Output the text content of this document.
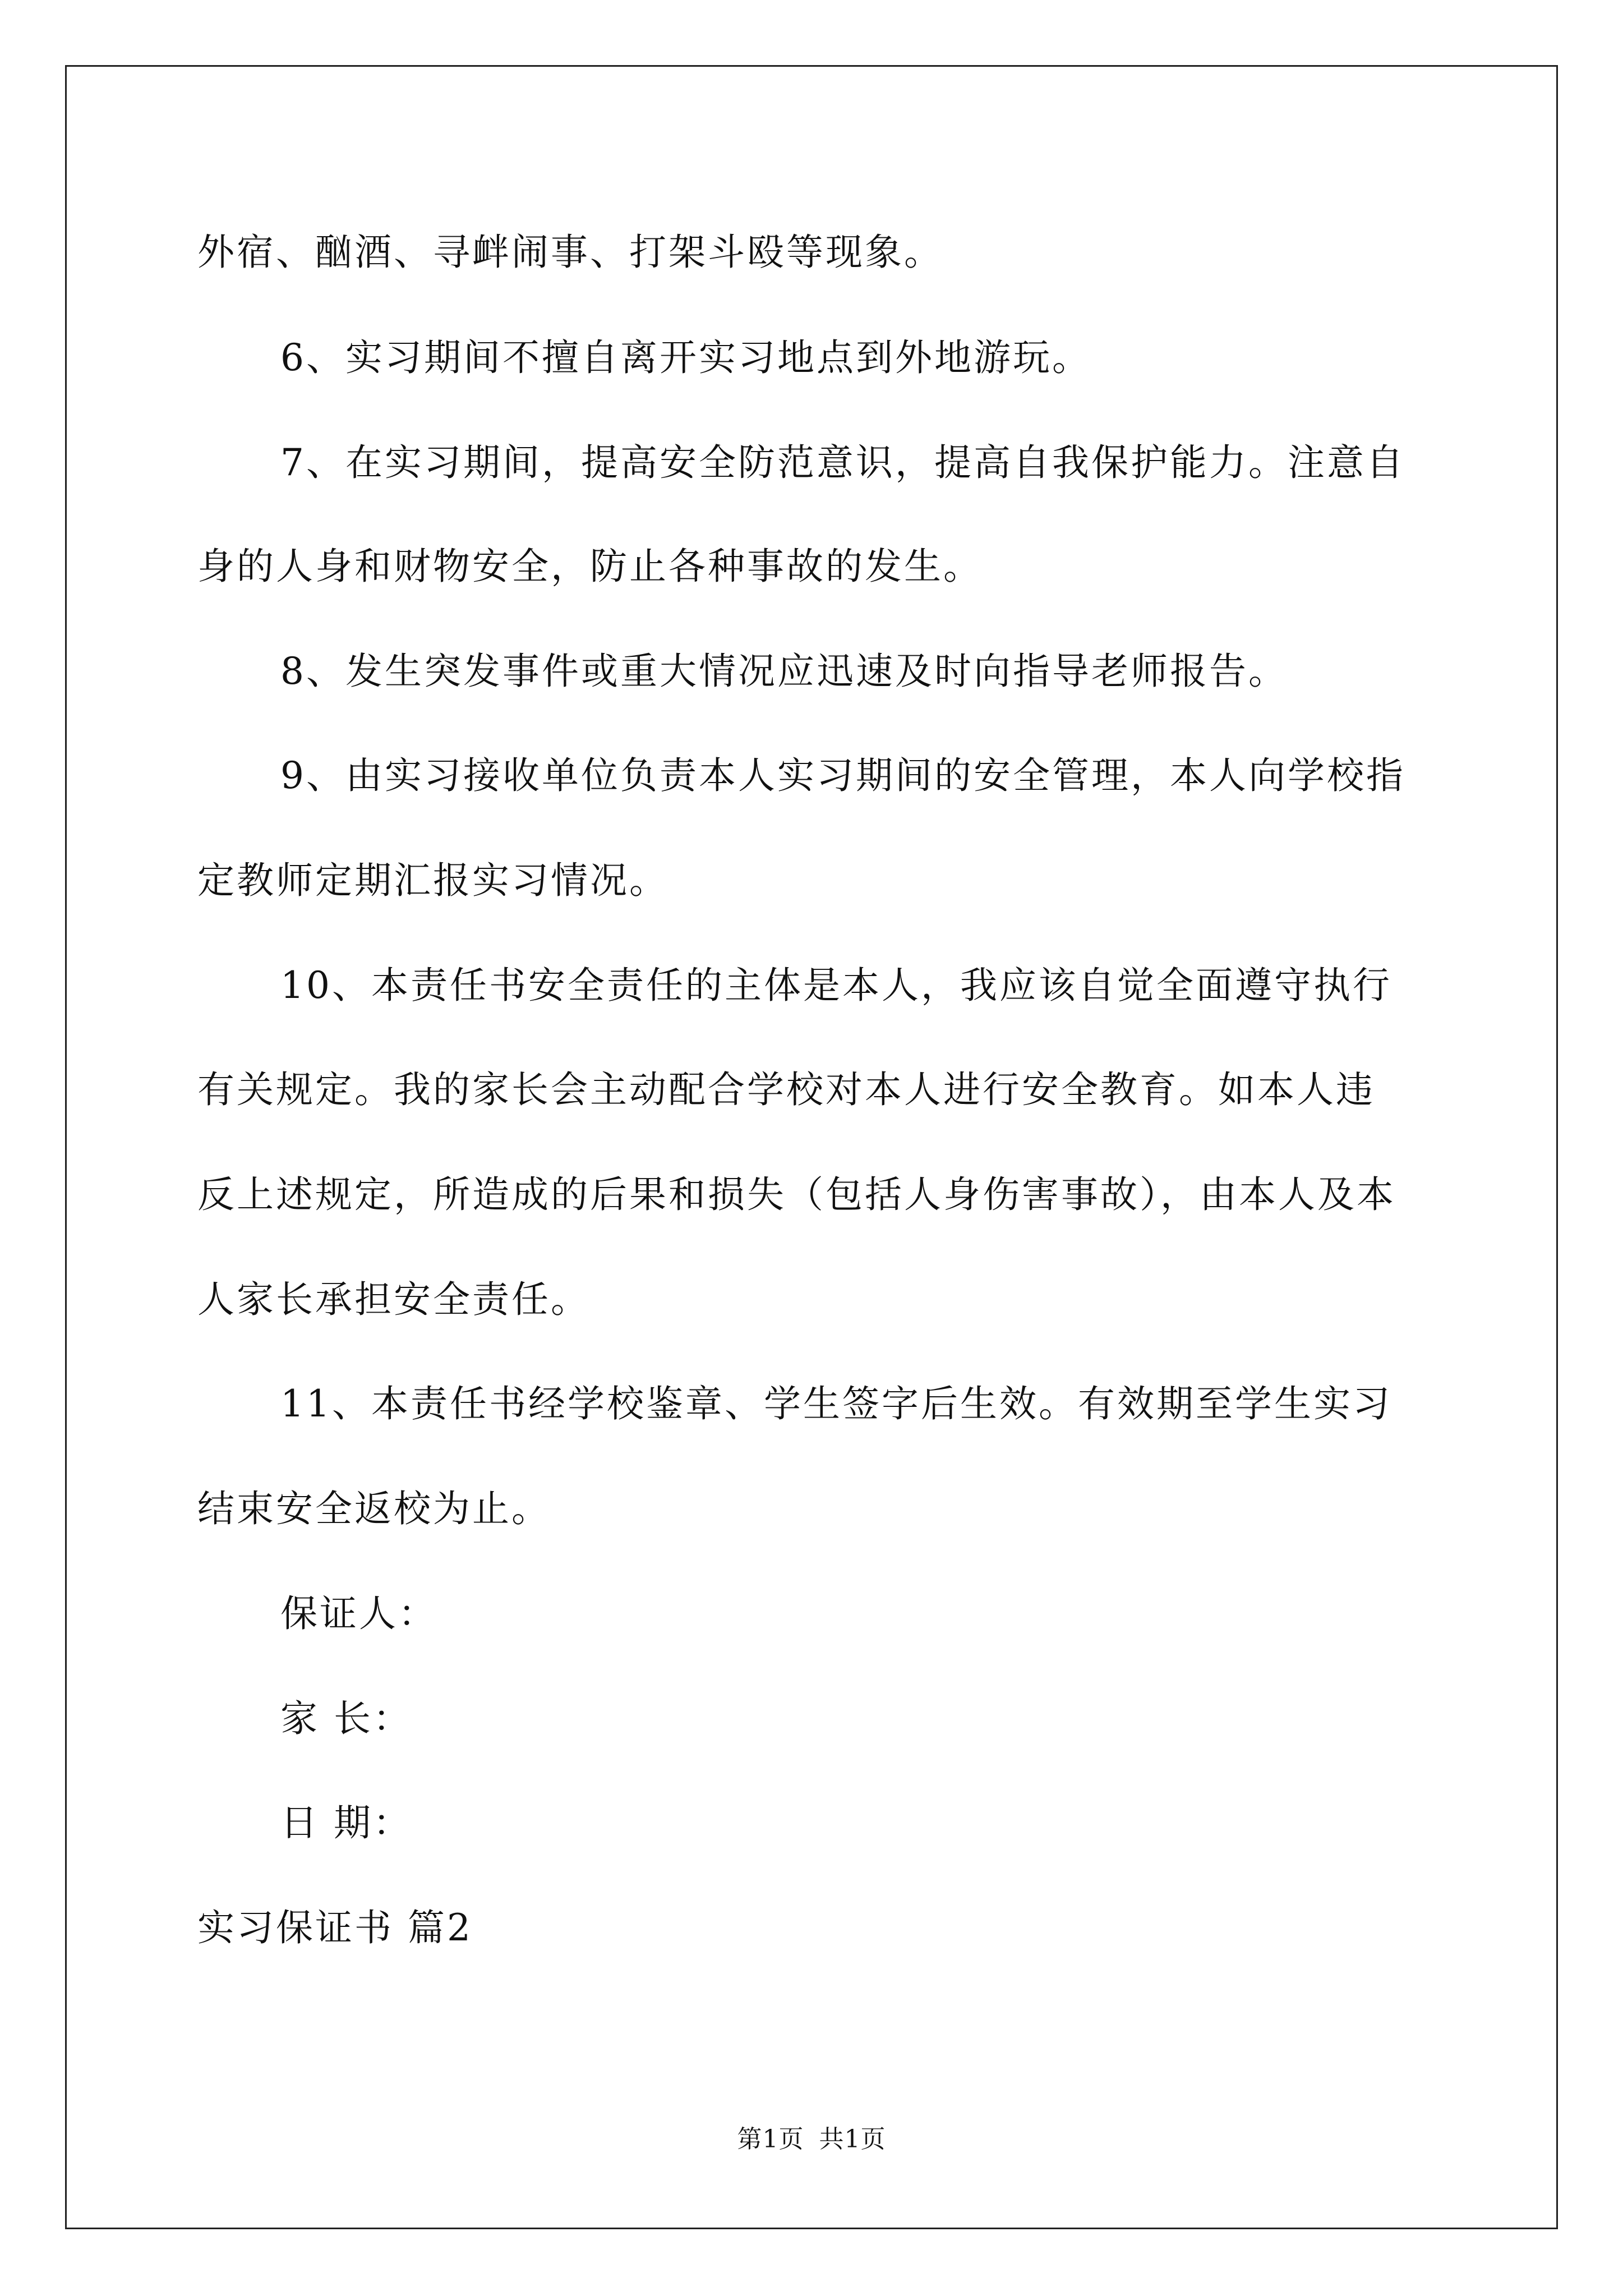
外宿、酗酒、寻衅闹事、打架斗殴等现象。
6、实习期间不擅自离开实习地点到外地游玩。
7、在实习期间，提高安全防范意识，提高自我保护能力。注意自
身的人身和财物安全，防止各种事故的发生。
8、发生突发事件或重大情况应迅速及时向指导老师报告。
9、由实习接收单位负责本人实习期间的安全管理，本人向学校指
定教师定期汇报实习情况。
10、本责任书安全责任的主体是本人，我应该自觉全面遵守执行
有关规定。我的家长会主动配合学校对本人进行安全教育。如本人违
反上述规定，所造成的后果和损失（包括人身伤害事故），由本人及本
人家长承担安全责任。
11、本责任书经学校鉴章、学生签字后生效。有效期至学生实习
结束安全返校为止。
保证人：
家 长：
日 期：
实习保证书 篇2
第1页 共1页
